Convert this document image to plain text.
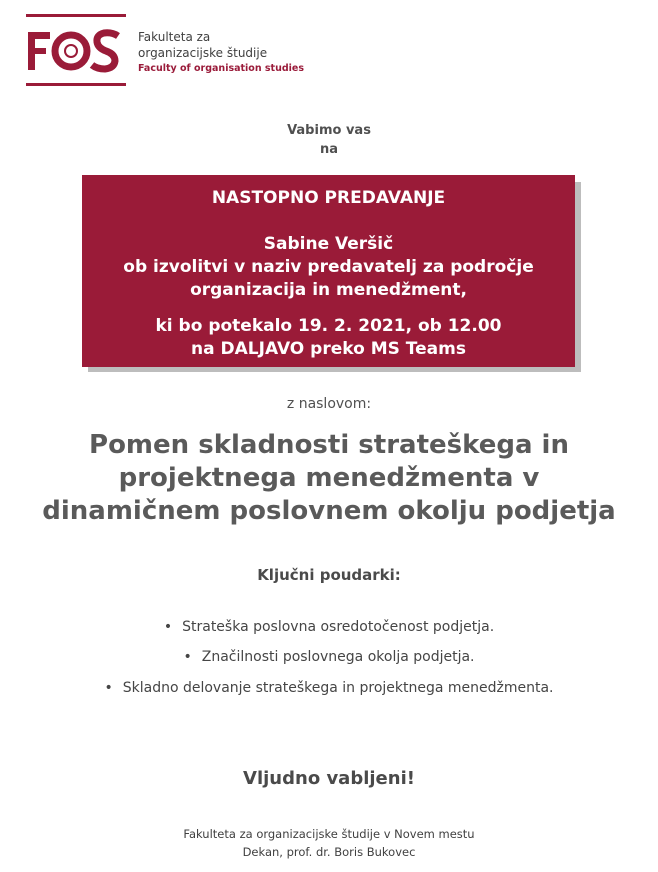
Fakulteta za
organizacijske študije
Faculty of organisation studies
Vabimo vas
na
NASTOPNO PREDAVANJE
Sabine Veršič
ob izvolitvi v naziv predavatelj za področje
organizacija in menedžment,
ki bo potekalo 19. 2. 2021, ob 12.00
na DALJAVO preko MS Teams
z naslovom:
Pomen skladnosti strateškega in
projektnega menedžmenta v
dinamičnem poslovnem okolju podjetja
Ključni poudarki:
• Strateška poslovna osredotočenost podjetja.
• Značilnosti poslovnega okolja podjetja.
• Skladno delovanje strateškega in projektnega menedžmenta.
Vljudno vabljeni!
Fakulteta za organizacijske študije v Novem mestu
Dekan, prof. dr. Boris Bukovec
